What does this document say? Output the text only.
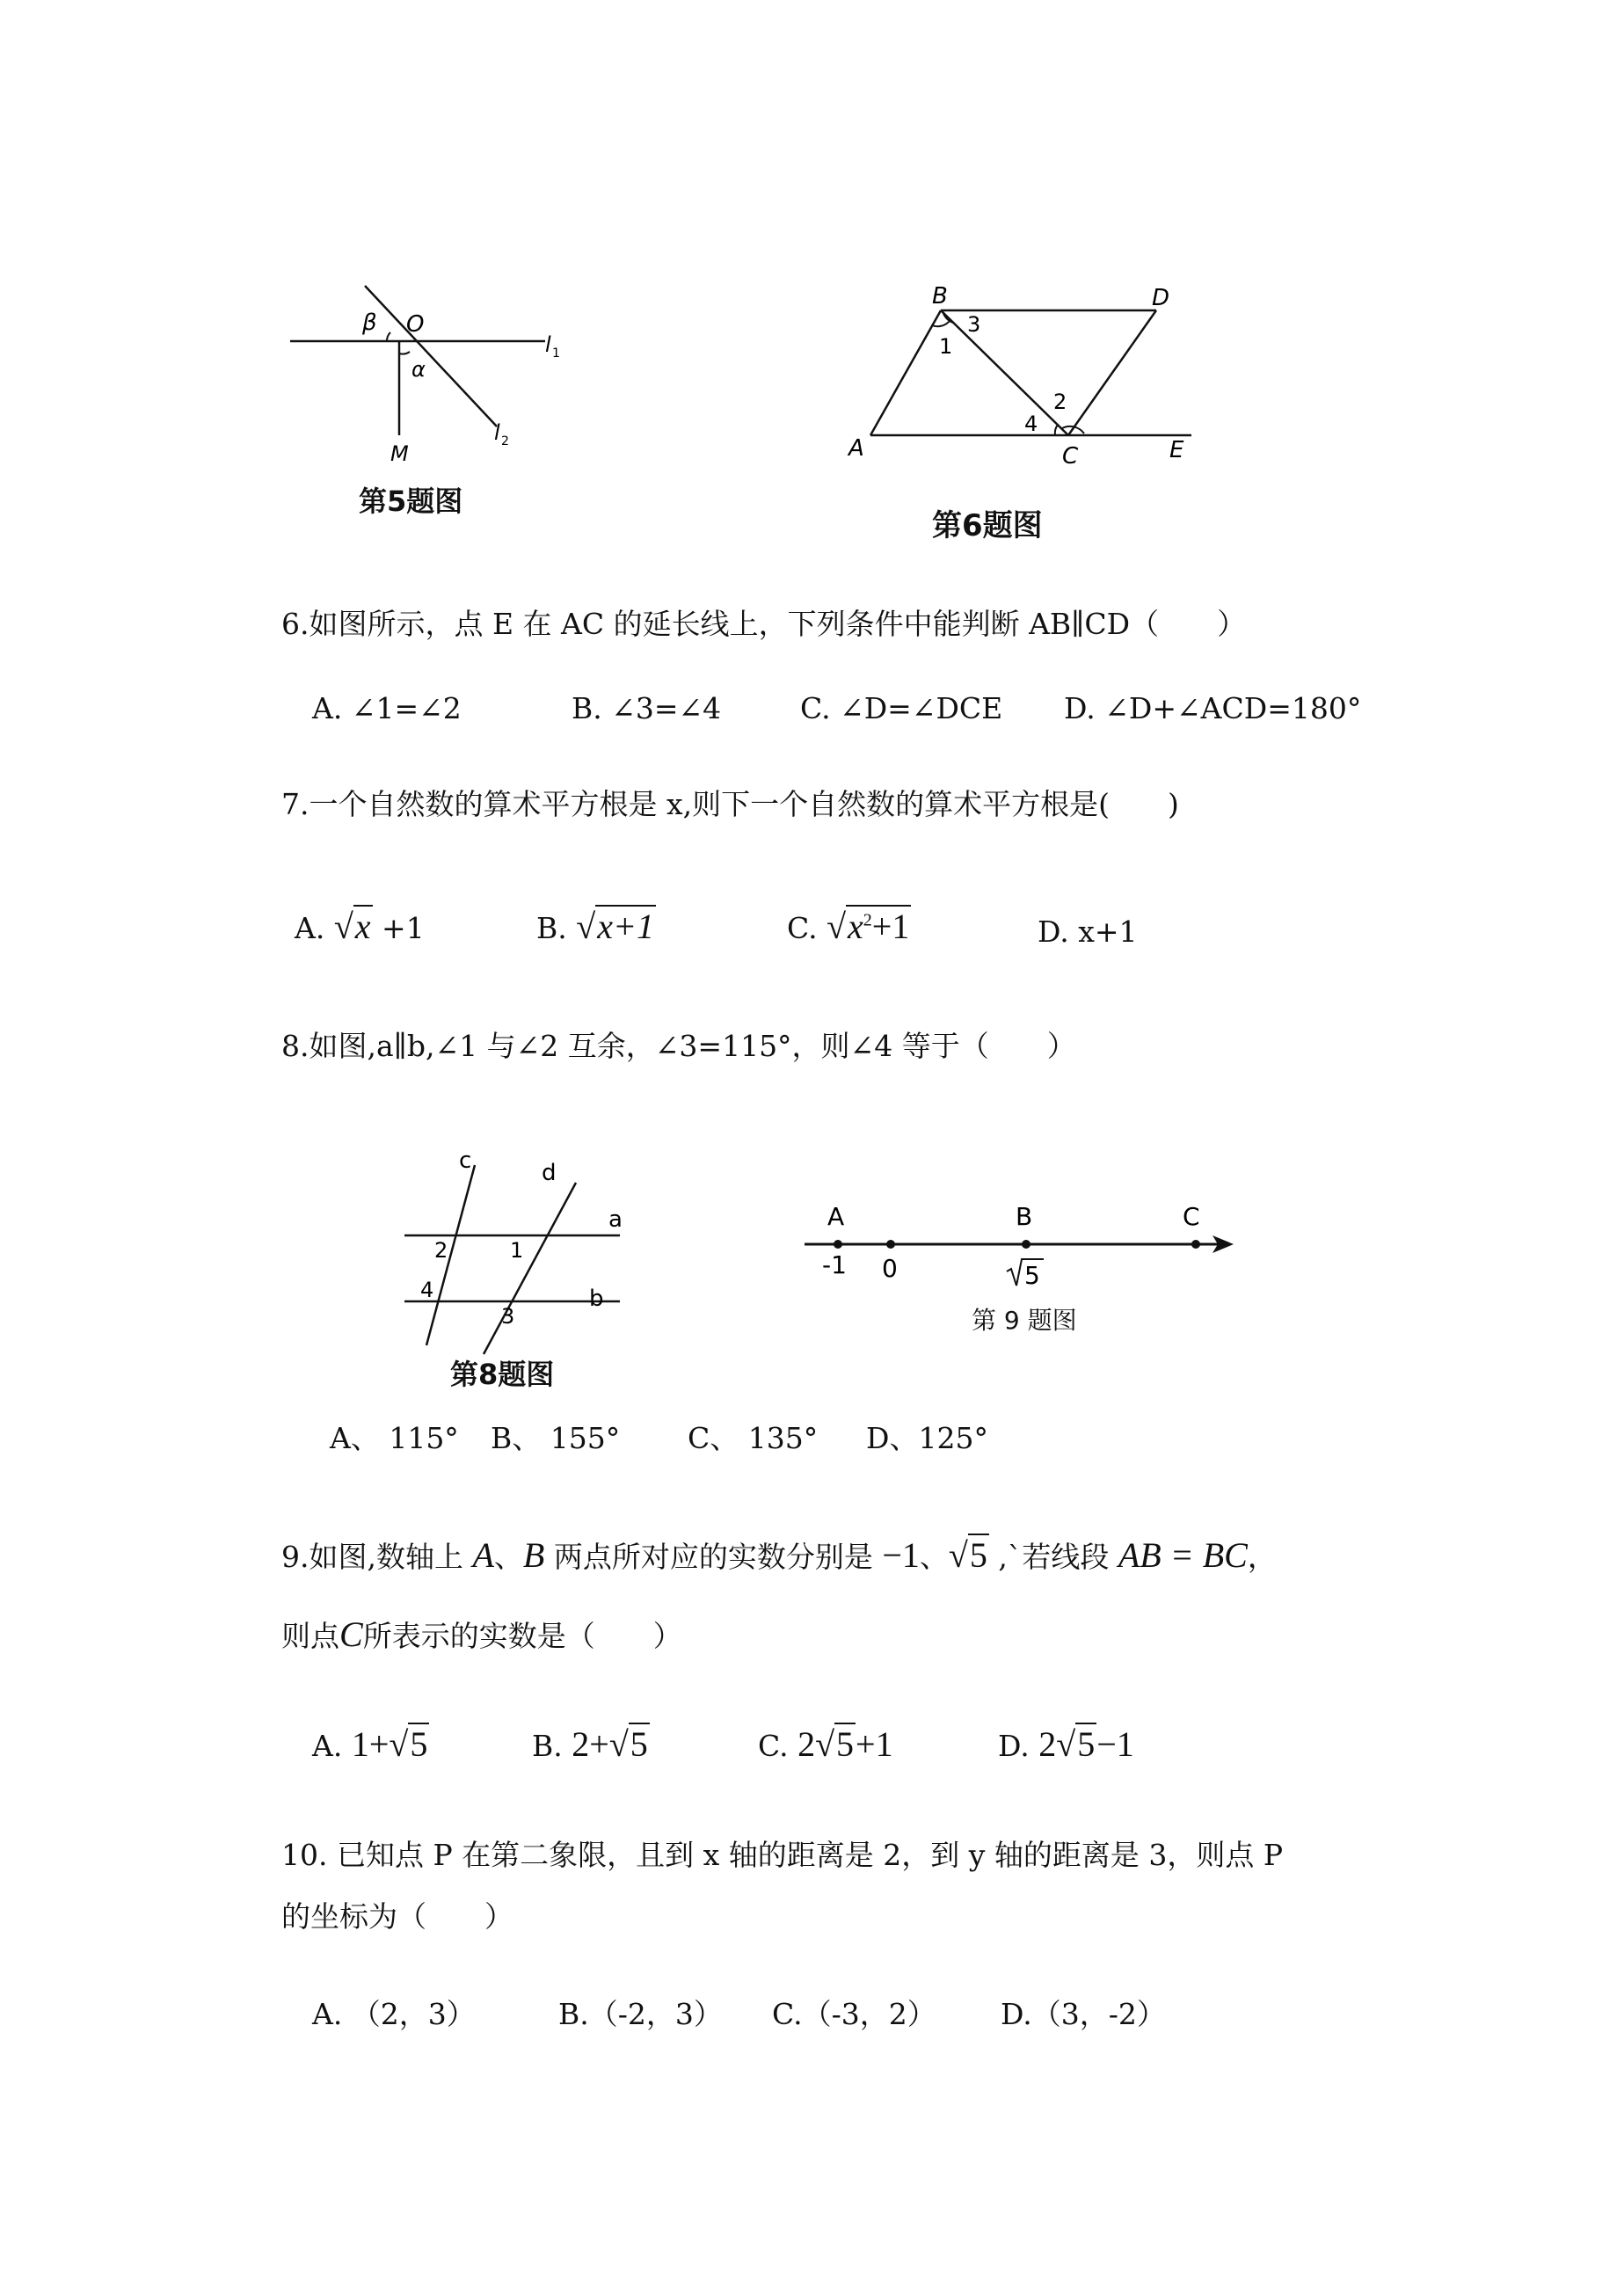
β O
l 1
α
M
l 2
第5题图
B	D
A	C	E
1
3
2
4
第6题图
6.如图所示，点 E 在 AC 的延长线上，下列条件中能判断 AB∥CD（　　）
A. ∠1=∠2	B. ∠3=∠4	C. ∠D=∠DCE D. ∠D+∠ACD=180°
7.一个自然数的算术平方根是 x,则下一个自然数的算术平方根是(　　)
A. √x +1	B. √x+1	C. $√x^2+1$	D. x+1
8.如图,a∥b,∠1 与∠2 互余，∠3=115°，则∠4 等于（　　）
c	d
a
b
1
2
3
4
第8题图
A	B	C
-1 0	5
第 9 题图
A、 115° B、 155° C、 135° D、125°
9.如图,数轴上 A、B 两点所对应的实数分别是 −1、√5 ,`若线段 AB = BC，
则点C所表示的实数是（　　）
A. 1+√5	B. 2+√5	C. 2√5+1	D. 2√5−1
10. 已知点 P 在第二象限，且到 x 轴的距离是 2，到 y 轴的距离是 3，则点 P
的坐标为（　　）
A. （2，3）	B.（-2，3） C.（-3，2） D.（3，-2）
